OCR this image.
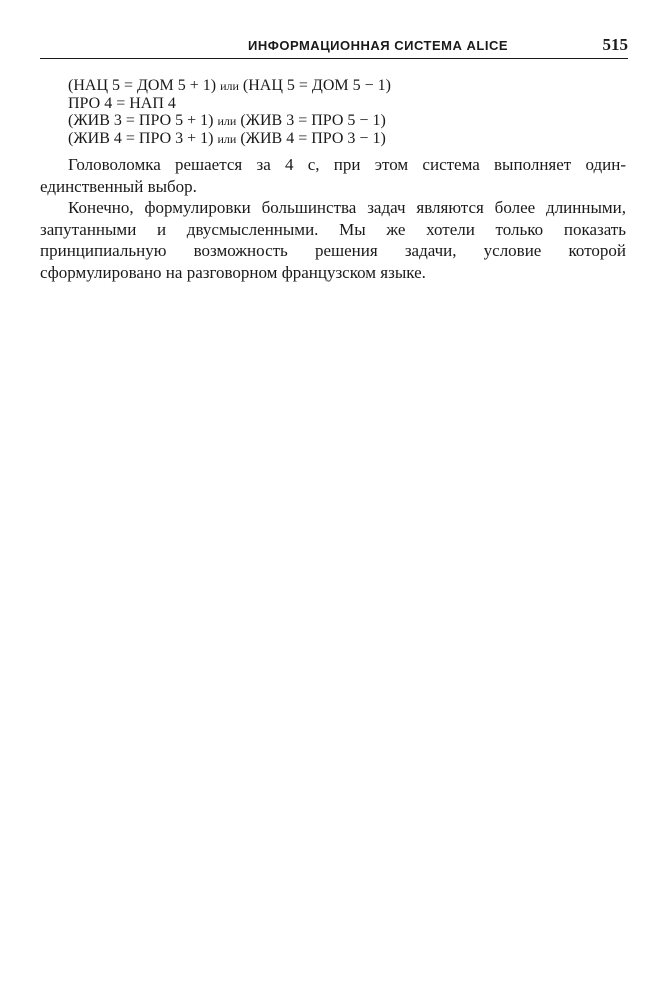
ИНФОРМАЦИОННАЯ СИСТЕМА ALICE	515
(НАЦ 5 = ДОМ 5 + 1) или (НАЦ 5 = ДОМ 5 − 1)
ПРО 4 = НАП 4
(ЖИВ 3 = ПРО 5 + 1) или (ЖИВ 3 = ПРО 5 − 1)
(ЖИВ 4 = ПРО 3 + 1) или (ЖИВ 4 = ПРО 3 − 1)

Головоломка решается за 4 с, при этом система выполняет один-единственный выбор.

Конечно, формулировки большинства задач являются более длинными, запутанными и двусмысленными. Мы же хотели только показать принципиальную возможность решения задачи, условие которой сформулировано на разговорном французском языке.
